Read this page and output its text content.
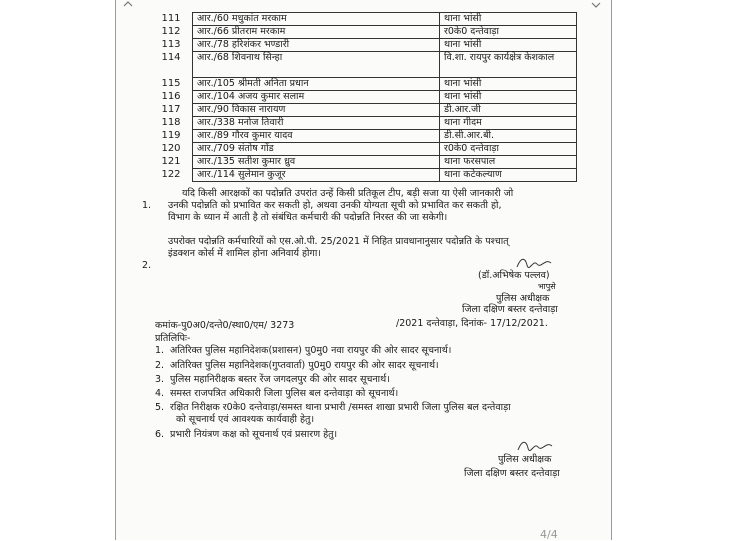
111	आर./60 मधुकांत मरकाम	थाना भांसी
112	आर./66 प्रीतराम मरकाम	र0के0 दन्तेवाड़ा
113	आर./78 हरिशंकर भण्डारी	थाना भांसी
114	आर./68 शिवनाथ सिन्हा	वि.शा. रायपुर कार्यक्षेत्र केशकाल
115	आर./105 श्रीमती अनिता प्रधान	थाना भांसी
116	आर./104 अजय कुमार सलाम	थाना भांसी
117	आर./90 विकास नारायण	डी.आर.जी
118	आर./338 मनोज तिवारी	थाना गीदम
119	आर./89 गौरव कुमार यादव	डी.सी.आर.बी.
120	आर./709 संतोष गोंड	र0के0 दन्तेवाड़ा
121	आर./135 सतीश कुमार ध्रुव	थाना फरसपाल
122	आर./114 सुलेमान कुजूर	थाना कटेकल्याण
1.
यदि किसी आरक्षकों का पदोन्नति उपरांत उन्हें किसी प्रतिकूल टीप, बड़ी सजा या ऐसी जानकारी जो
उनकी पदोन्नति को प्रभावित कर सकती हो, अथवा उनकी योग्यता सूची को प्रभावित कर सकती हो,
विभाग के ध्यान में आती है तो संबंधित कर्मचारी की पदोन्नति निरस्त की जा सकेगी।
2.
उपरोक्त पदोन्नति कर्मचारियों को एस.ओ.पी. 25/2021 में निहित प्रावधानानुसार पदोन्नति के पश्चात्
इंडक्शन कोर्स में शामिल होना अनिवार्य होगा।
(डॉ.अभिषेक पल्लव)
भापुसे
पुलिस अधीक्षक
जिला दक्षिण बस्तर दन्तेवाड़ा
/2021 दन्तेवाड़ा, दिनांक- 17/12/2021.
कमांक-पु0अ0/दन्ते0/स्था0/एम/ 3273
प्रतिलिपिः-
1. अतिरिक्त पुलिस महानिदेशक(प्रशासन) पु0मु0 नवा रायपुर की ओर सादर सूचनार्थ।
2. अतिरिक्त पुलिस महानिदेशक(गुप्तवार्ता) पु0मु0 रायपुर की ओर सादर सूचनार्थ।
3. पुलिस महानिरीक्षक बस्तर रेंज जगदलपुर की ओर सादर सूचनार्थ।
4. समस्त राजपत्रित अधिकारी जिला पुलिस बल दन्तेवाड़ा को सूचनार्थ।
5. रक्षित निरीक्षक र0के0 दन्तेवाड़ा/समस्त थाना प्रभारी /समस्त शाखा प्रभारी जिला पुलिस बल दन्तेवाड़ा
को सूचनार्थ एवं आवश्यक कार्यवाही हेतु।
6. प्रभारी नियंत्रण कक्ष को सूचनार्थ एवं प्रसारण हेतु।
पुलिस अधीक्षक
जिला दक्षिण बस्तर दन्तेवाड़ा
4/4
